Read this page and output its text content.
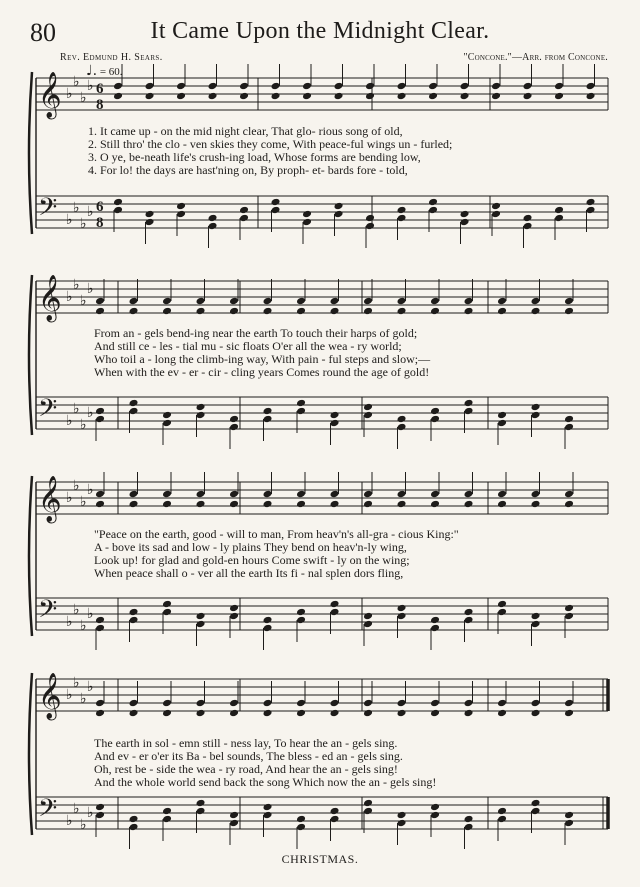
80	It Came Upon the Midnight Clear.
Rev. Edmund H. Sears.	"Concone."—Arr. from Concone.
♩. = 60.
𝄞
𝄢
♭
♭
♭
♭
♭
♭
♭
♭
6
8
6
8
𝄞
𝄢
♭
♭
♭
♭
♭
♭
♭
♭
𝄞
𝄢
♭
♭
♭
♭
♭
♭
♭
♭
𝄞
𝄢
♭
♭
♭
♭
♭
♭
♭
♭
1. It came up - on the mid night clear, That glo- rious song of old,
2. Still thro' the clo - ven skies they come, With peace-ful wings un - furled;
3. O ye, be-neath life's crush-ing load, Whose forms are bending low,
4. For lo! the days are hast'ning on, By proph- et- bards fore - told,
From an - gels bend-ing near the earth To touch their harps of gold;
And still ce - les - tial mu - sic floats O'er all the wea - ry world;
Who toil a - long the climb-ing way, With pain - ful steps and slow;—
When with the ev - er - cir - cling years Comes round the age of gold!
"Peace on the earth, good - will to man, From heav'n's all-gra - cious King:"
A - bove its sad and low - ly plains They bend on heav'n-ly wing,
Look up! for glad and gold-en hours Come swift - ly on the wing;
When peace shall o - ver all the earth Its fi - nal splen dors fling,
The earth in sol - emn still - ness lay, To hear the an - gels sing.
And ev - er o'er its Ba - bel sounds, The bless - ed an - gels sing.
Oh, rest be - side the wea - ry road, And hear the an - gels sing!
And the whole world send back the song Which now the an - gels sing!
CHRISTMAS.
